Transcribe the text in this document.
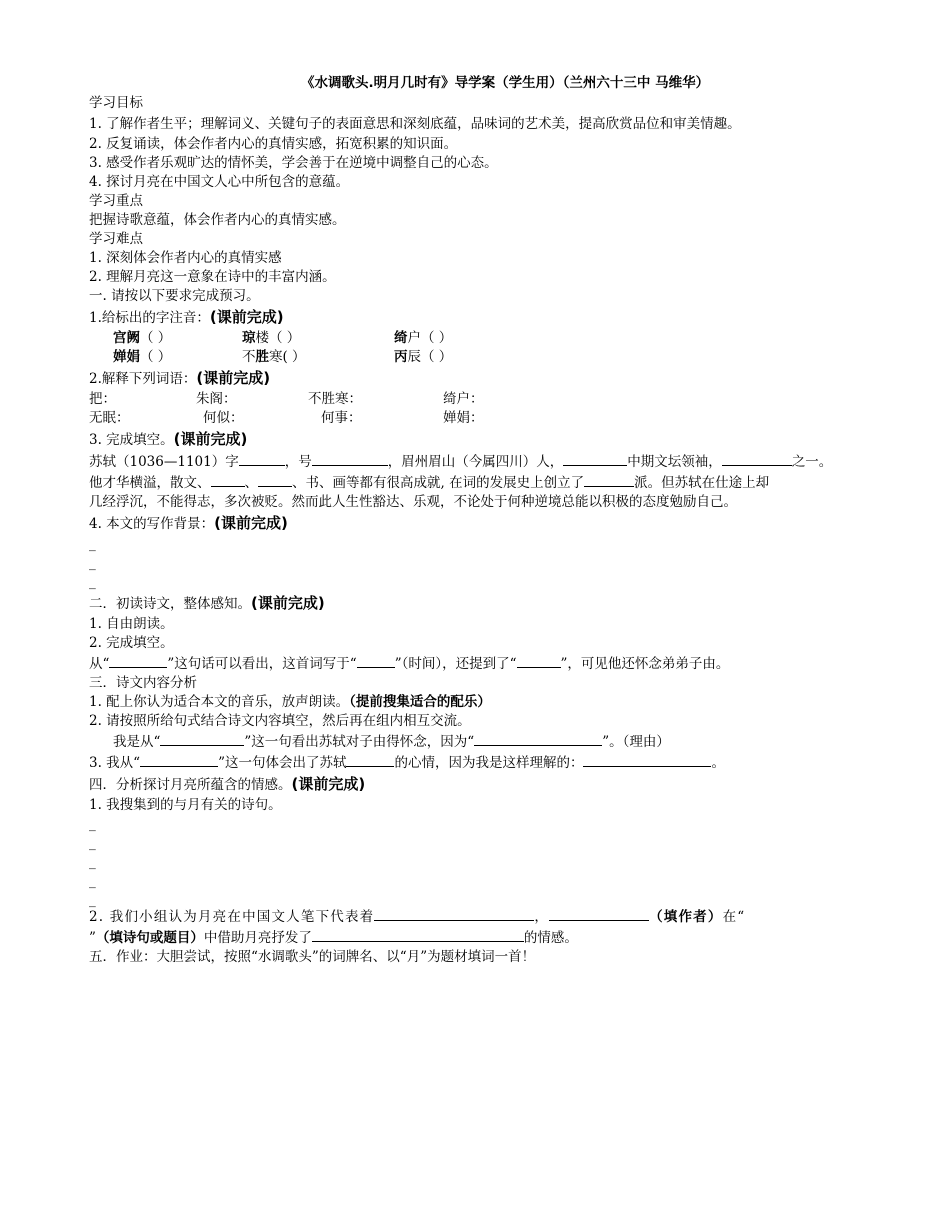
《水调歌头.明月几时有》导学案（学生用）（兰州六十三中 马维华）
学习目标
1. 了解作者生平；理解词义、关键句子的表面意思和深刻底蕴，品味词的艺术美，提高欣赏品位和审美情趣。
2. 反复诵读，体会作者内心的真情实感，拓宽积累的知识面。
3. 感受作者乐观旷达的情怀美，学会善于在逆境中调整自己的心态。
4. 探讨月亮在中国文人心中所包含的意蕴。
学习重点
把握诗歌意蕴，体会作者内心的真情实感。
学习难点
1. 深刻体会作者内心的真情实感
2. 理解月亮这一意象在诗中的丰富内涵。
一. 请按以下要求完成预习。
1.给标出的字注音：(课前完成)
宫阙（ ）	琼楼（ ）	绮户（ ）
婵娟（ ）	不胜寒( ）	丙辰（ ）
2.解释下列词语：(课前完成)
把：	朱阁：	不胜寒：	绮户：
无眠：	何似：	何事：	婵娟：
3. 完成填空。(课前完成)
苏轼（1036—1101）字	，号	，眉州眉山（今属四川）人，	中期文坛领袖，	之一。
他才华横溢，散文、	、	、书、画等都有很高成就, 在词的发展史上创立了	派。但苏轼在仕途上却
几经浮沉，不能得志，多次被贬。然而此人生性豁达、乐观，不论处于何种逆境总能以积极的态度勉励自己。
4. 本文的写作背景：(课前完成)
_
_
_
二．初读诗文，整体感知。(课前完成)
1. 自由朗读。
2. 完成填空。
从“	”这句话可以看出，这首词写于“	”（时间），还提到了“	”，可见他还怀念弟弟子由。
三．诗文内容分析
1. 配上你认为适合本文的音乐，放声朗读。（提前搜集适合的配乐）
2. 请按照所给句式结合诗文内容填空，然后再在组内相互交流。
我是从“	”这一句看出苏轼对子由得怀念，因为“	”。（理由）
3. 我从“	”这一句体会出了苏轼	的心情，因为我是这样理解的：	。
四．分析探讨月亮所蕴含的情感。(课前完成)
1. 我搜集到的与月有关的诗句。
_
_
_
_
_
2. 我们小组认为月亮在中国文人笔下代表着	，	（填作者）在“
”（填诗句或题目）中借助月亮抒发了	的情感。
五．作业：大胆尝试，按照“水调歌头”的词牌名、以“月”为题材填词一首！
